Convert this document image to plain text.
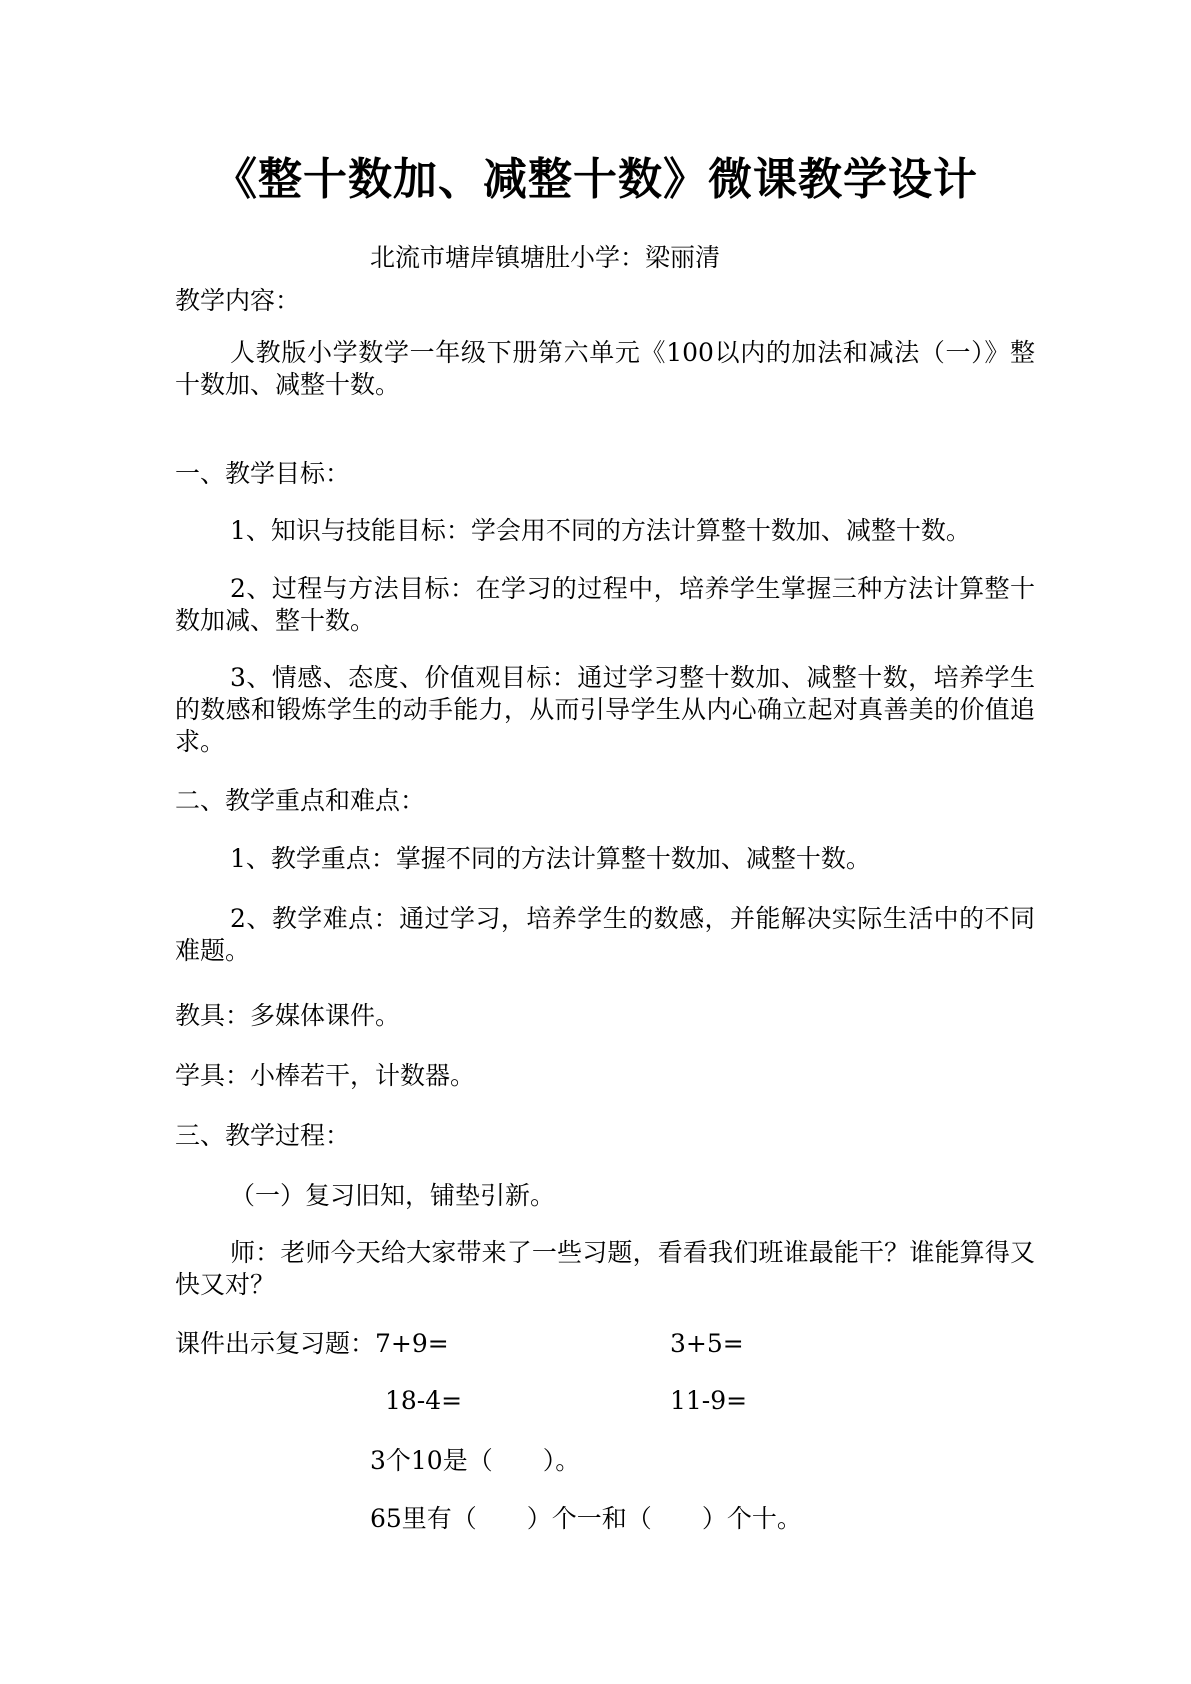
《整十数加、减整十数》微课教学设计
北流市塘岸镇塘肚小学：梁丽清
教学内容：
人教版小学数学一年级下册第六单元《100以内的加法和减法（一）》整十数加、减整十数。
一、教学目标：
1、知识与技能目标：学会用不同的方法计算整十数加、减整十数。
2、过程与方法目标：在学习的过程中，培养学生掌握三种方法计算整十数加减、整十数。
3、情感、态度、价值观目标：通过学习整十数加、减整十数，培养学生的数感和锻炼学生的动手能力，从而引导学生从内心确立起对真善美的价值追求。
二、教学重点和难点：
1、教学重点：掌握不同的方法计算整十数加、减整十数。
2、教学难点：通过学习，培养学生的数感，并能解决实际生活中的不同难题。
教具：多媒体课件。
学具：小棒若干，计数器。
三、教学过程：
（一）复习旧知，铺垫引新。
师：老师今天给大家带来了一些习题，看看我们班谁最能干？谁能算得又快又对？
课件出示复习题： 7+9=	3+5=
18-4=	11-9=
3个10是（　　）。
65里有（　　）个一和（　　）个十。
